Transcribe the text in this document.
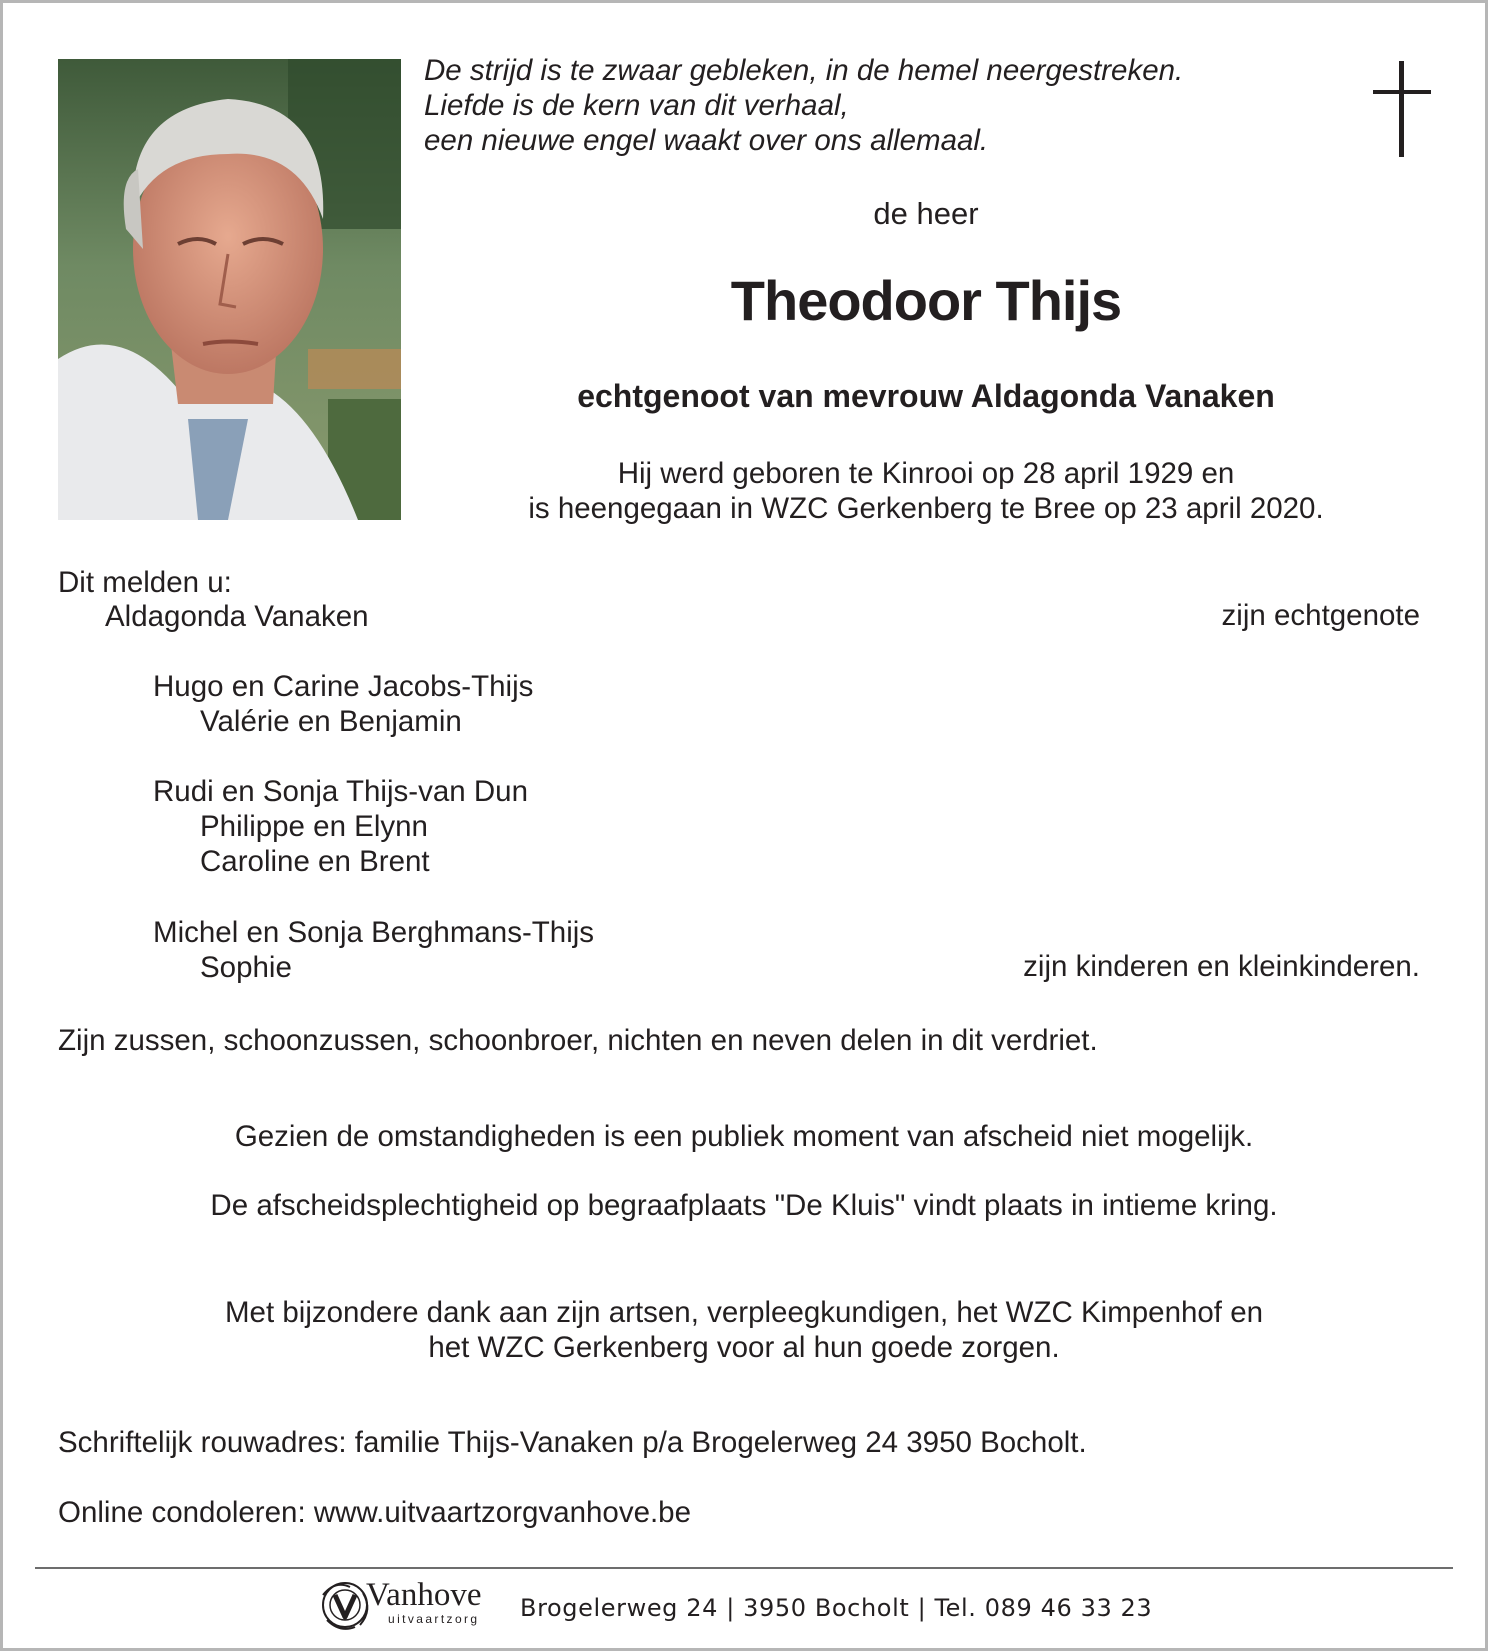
De strijd is te zwaar gebleken, in de hemel neergestreken.
Liefde is de kern van dit verhaal,
een nieuwe engel waakt over ons allemaal.
de heer
Theodoor Thijs
echtgenoot van mevrouw Aldagonda Vanaken
Hij werd geboren te Kinrooi op 28 april 1929 en
is heengegaan in WZC Gerkenberg te Bree op 23 april 2020.
Dit melden u:
Aldagonda Vanaken	zijn echtgenote
Hugo en Carine Jacobs-Thijs
Valérie en Benjamin
Rudi en Sonja Thijs-van Dun
Philippe en Elynn
Caroline en Brent
Michel en Sonja Berghmans-Thijs
Sophie	zijn kinderen en kleinkinderen.
Zijn zussen, schoonzussen, schoonbroer, nichten en neven delen in dit verdriet.
Gezien de omstandigheden is een publiek moment van afscheid niet mogelijk.
De afscheidsplechtigheid op begraafplaats "De Kluis" vindt plaats in intieme kring.
Met bijzondere dank aan zijn artsen, verpleegkundigen, het WZC Kimpenhof en
het WZC Gerkenberg voor al hun goede zorgen.
Schriftelijk rouwadres: familie Thijs-Vanaken p/a Brogelerweg 24 3950 Bocholt.
Online condoleren: www.uitvaartzorgvanhove.be
Vanhove
uitvaartzorg Brogelerweg 24 | 3950 Bocholt | Tel. 089 46 33 23
